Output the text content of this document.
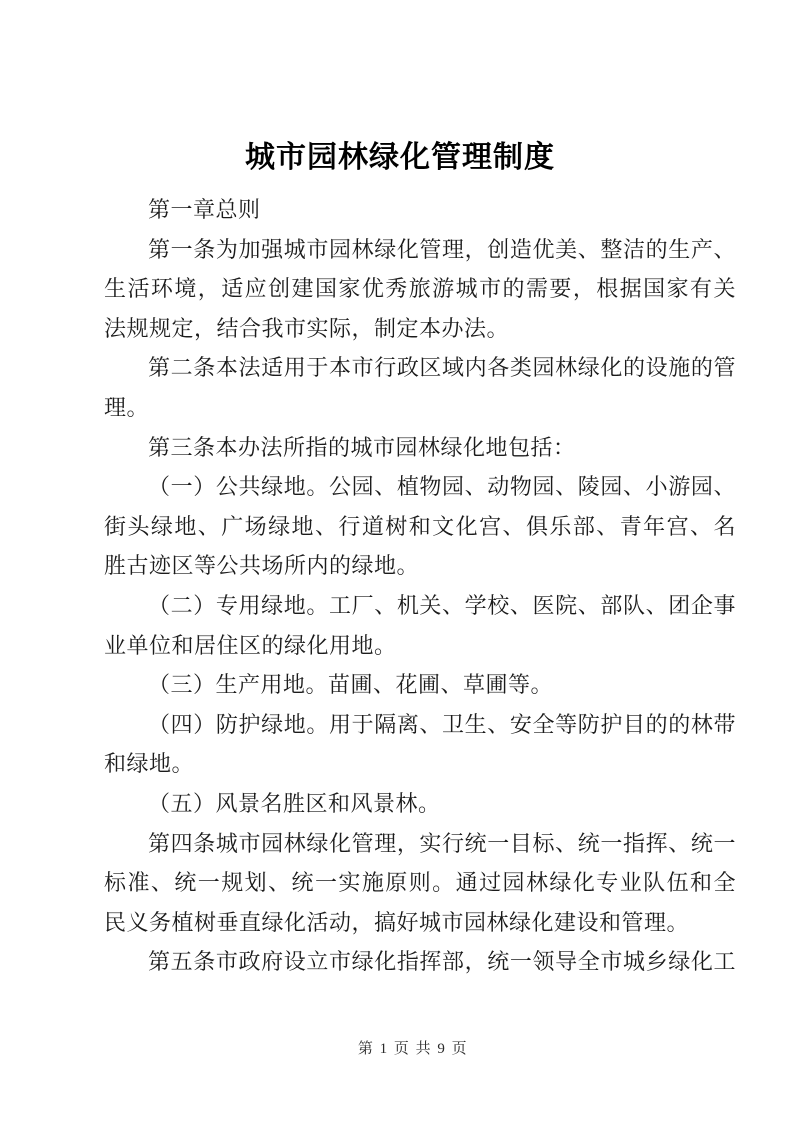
城市园林绿化管理制度
第一章总则
第一条为加强城市园林绿化管理，创造优美、整洁的生产、
生活环境，适应创建国家优秀旅游城市的需要，根据国家有关
法规规定，结合我市实际，制定本办法。
第二条本法适用于本市行政区域内各类园林绿化的设施的管
理。
第三条本办法所指的城市园林绿化地包括：
（一）公共绿地。公园、植物园、动物园、陵园、小游园、
街头绿地、广场绿地、行道树和文化宫、俱乐部、青年宫、名
胜古迹区等公共场所内的绿地。
（二）专用绿地。工厂、机关、学校、医院、部队、团企事
业单位和居住区的绿化用地。
（三）生产用地。苗圃、花圃、草圃等。
（四）防护绿地。用于隔离、卫生、安全等防护目的的林带
和绿地。
（五）风景名胜区和风景林。
第四条城市园林绿化管理，实行统一目标、统一指挥、统一
标准、统一规划、统一实施原则。通过园林绿化专业队伍和全
民义务植树垂直绿化活动，搞好城市园林绿化建设和管理。
第五条市政府设立市绿化指挥部，统一领导全市城乡绿化工
第 1 页 共 9 页
